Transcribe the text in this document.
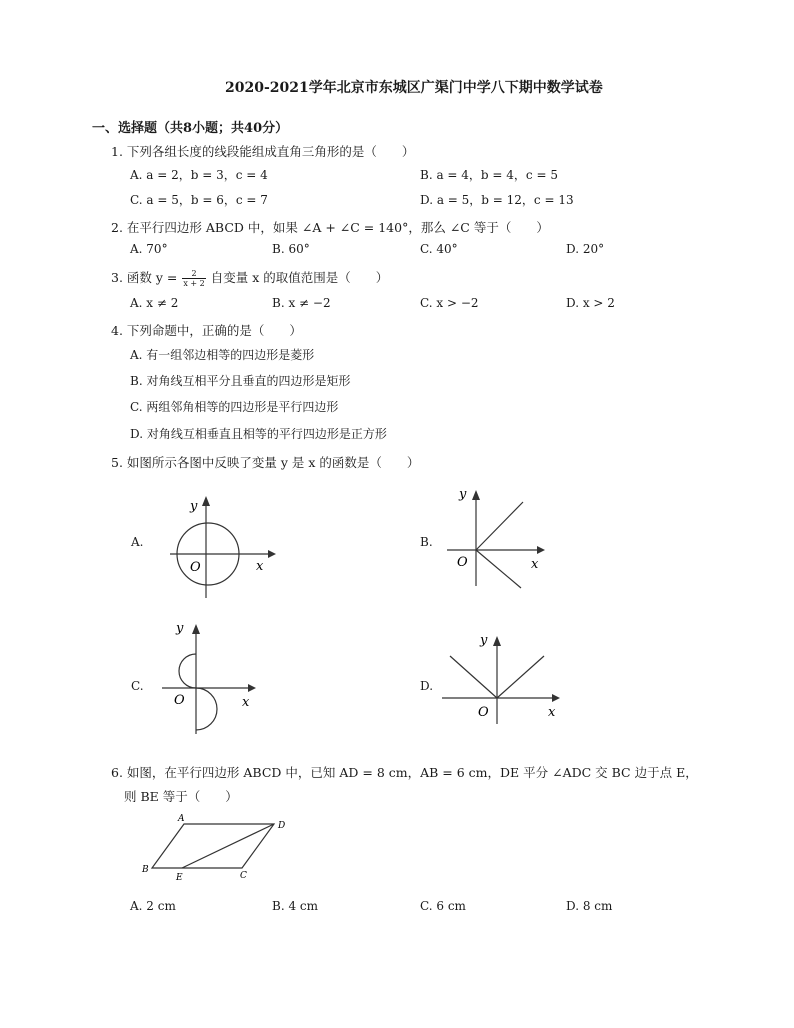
2020-2021学年北京市东城区广渠门中学八下期中数学试卷
一、选择题（共8小题；共40分）
1. 下列各组长度的线段能组成直角三角形的是（　　）
A. a = 2，b = 3，c = 4	B. a = 4，b = 4，c = 5
C. a = 5，b = 6，c = 7	D. a = 5，b = 12，c = 13
2. 在平行四边形 ABCD 中，如果 ∠A + ∠C = 140°，那么 ∠C 等于（　　）
A. 70°	B. 60°	C. 40°	D. 20°
3. 函数 $y = \frac{2}{x + 2}$ 自变量 x 的取值范围是（　　）
A. x ≠ 2	B. x ≠ −2	C. x > −2	D. x > 2
4. 下列命题中，正确的是（　　）
A. 有一组邻边相等的四边形是菱形
B. 对角线互相平分且垂直的四边形是矩形
C. 两组邻角相等的四边形是平行四边形
D. 对角线互相垂直且相等的平行四边形是正方形
5. 如图所示各图中反映了变量 y 是 x 的函数是（　　）
A.
y
x
O
B.
y
x
O
C.
y
x
O
D.
y
x
O
6. 如图，在平行四边形 ABCD 中，已知 AD = 8 cm，AB = 6 cm，DE 平分 ∠ADC 交 BC 边于点 E，
则 BE 等于（　　）
A
D
B
C
E
A. 2 cm	B. 4 cm	C. 6 cm	D. 8 cm
